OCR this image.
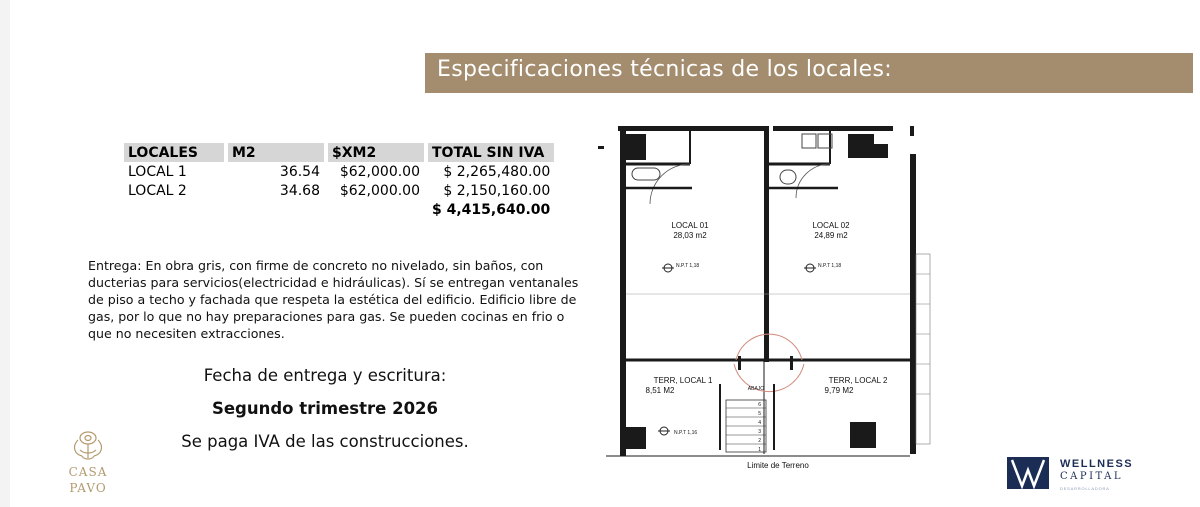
Especificaciones técnicas de los locales:
LOCALES		M2		$XM2		TOTAL SIN IVA
LOCAL 1		36.54		$62,000.00		$ 2,265,480.00
LOCAL 2		34.68		$62,000.00		$ 2,150,160.00
						$ 4,415,640.00
Entrega: En obra gris, con firme de concreto no nivelado, sin baños, con ducterias para servicios(electricidad e hidráulicas). Sí se entregan ventanales de piso a techo y fachada que respeta la estética del edificio. Edificio libre de gas, por lo que no hay preparaciones para gas. Se pueden cocinas en frio o que no necesiten extracciones.
Fecha de entrega y escritura:
Segundo trimestre 2026
Se paga IVA de las construcciones.
6
5
4
3
2
1
LOCAL 01
28,03 m2
LOCAL 02
24,89 m2
N.P.T 1,18	N.P.T 1,18
TERR, LOCAL 1
8,51 M2
TERR, LOCAL 2
9,79 M2
ABAJO
N.P.T 1,16
Limite de Terreno
CASA
PAVO
WELLNESS
CAPITAL
DESARROLLADORA
